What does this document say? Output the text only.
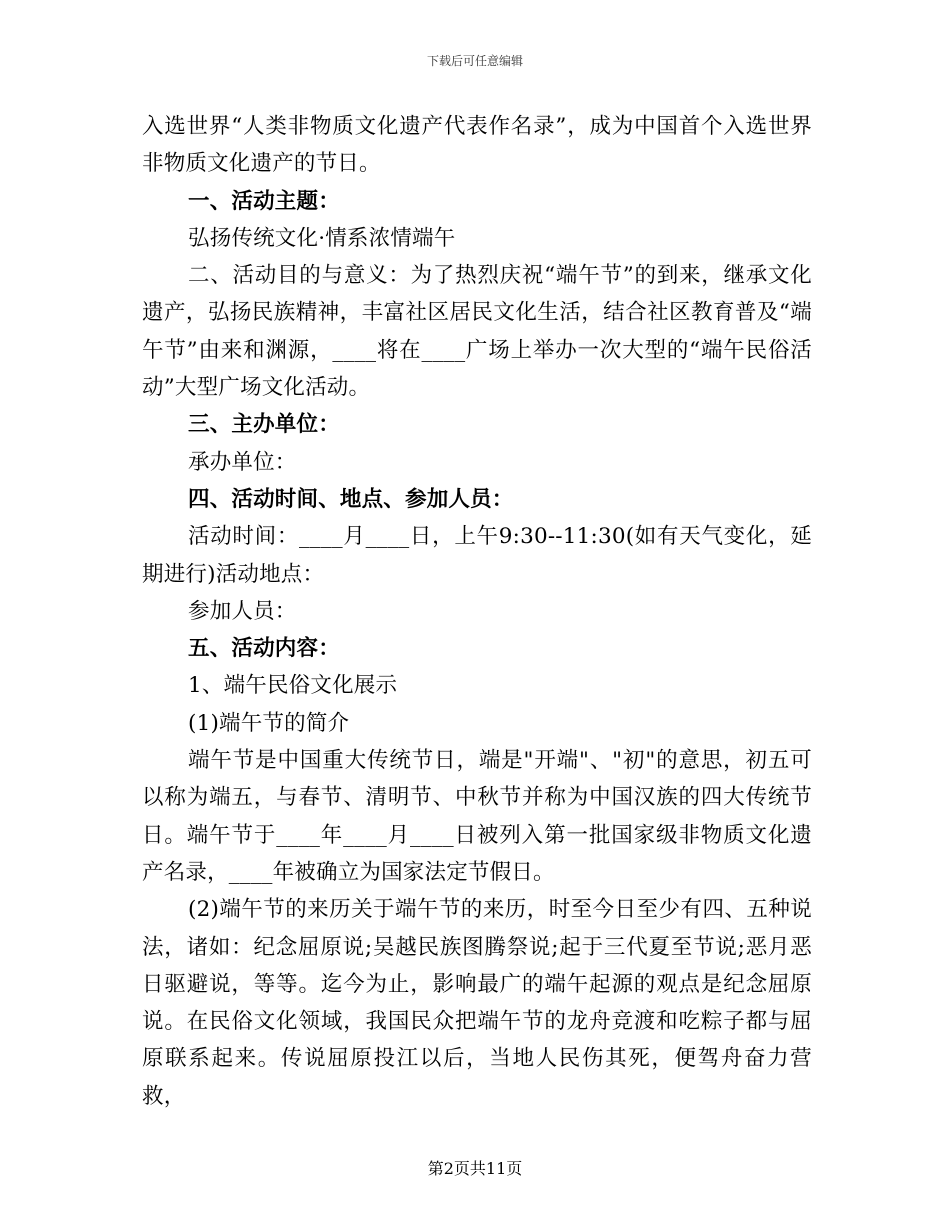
下载后可任意编辑

入选世界“人类非物质文化遗产代表作名录”，成为中国首个入选世界非物质文化遗产的节日。

一、活动主题：

弘扬传统文化·情系浓情端午

二、活动目的与意义：为了热烈庆祝“端午节”的到来，继承文化遗产，弘扬民族精神，丰富社区居民文化生活，结合社区教育普及“端午节”由来和渊源，____将在____广场上举办一次大型的“端午民俗活动”大型广场文化活动。

三、主办单位：

承办单位：

四、活动时间、地点、参加人员：

活动时间：____月____日，上午9:30--11:30(如有天气变化，延期进行)活动地点：

参加人员：

五、活动内容：

1、端午民俗文化展示

(1)端午节的简介

端午节是中国重大传统节日，端是"开端"、"初"的意思，初五可以称为端五，与春节、清明节、中秋节并称为中国汉族的四大传统节日。端午节于____年____月____日被列入第一批国家级非物质文化遗产名录，____年被确立为国家法定节假日。

(2)端午节的来历关于端午节的来历，时至今日至少有四、五种说法，诸如：纪念屈原说;吴越民族图腾祭说;起于三代夏至节说;恶月恶日驱避说，等等。迄今为止，影响最广的端午起源的观点是纪念屈原说。在民俗文化领域，我国民众把端午节的龙舟竞渡和吃粽子都与屈原联系起来。传说屈原投江以后，当地人民伤其死，便驾舟奋力营救，

第2页共11页
